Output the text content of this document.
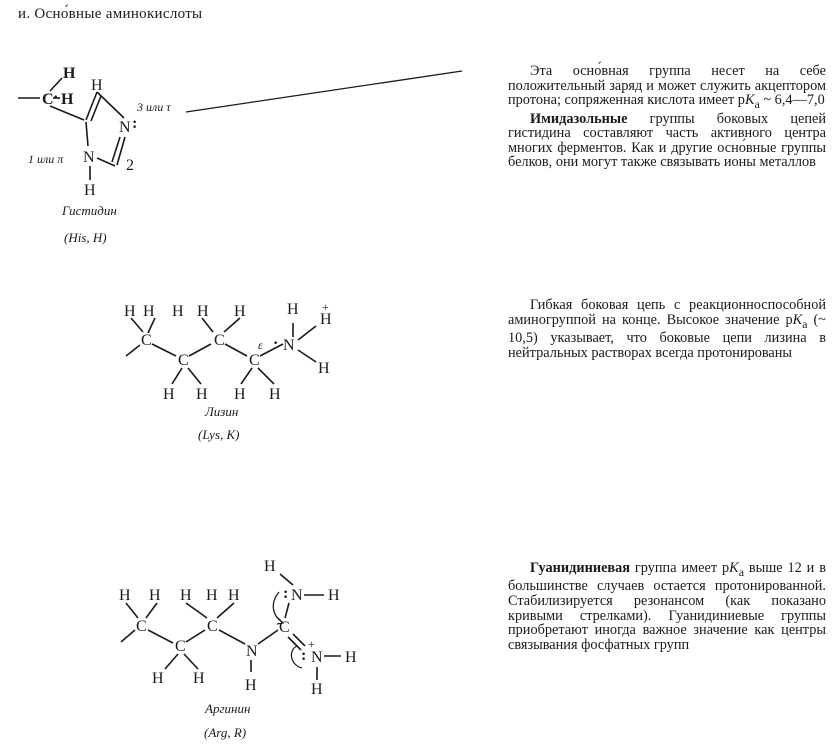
и. Осно́вные аминокислоты
C · H
H
N :
N
H
H
1 или π	2
3 или τ
Гистидин
(His, H)
H H H H H
C
C
C
C
ε
H H H H
N
·
H
H
+
H
Лизин
(Lys, K)
H H H H H
C
C
C	C
N
H H	H
: N H
H
: N
+
H
H
Аргинин
(Arg, R)

Эта осно́вная группа несет на себе положительный заряд и может служить акцептором протона; сопряженная кислота имеет $pK_a$ ~ 6,4—7,0

Имидазольные группы боковых цепей гистидина составляют часть активного центра многих ферментов. Как и другие осно́вные группы белков, они могут также связывать ионы металлов

Гибкая боковая цепь с реакционноспособной аминогруппой на конце. Высокое значение $pK_a$ (~ 10,5) указывает, что боковые цепи лизина в нейтральных растворах всегда протонированы

Гуанидиниевая группа имеет $pK_a$ выше 12 и в большинстве случаев остается протонированной. Стабилизируется резонансом (как показано кривыми стрелками). Гуанидиниевые группы приобретают иногда важное значение как центры связывания фосфатных групп
